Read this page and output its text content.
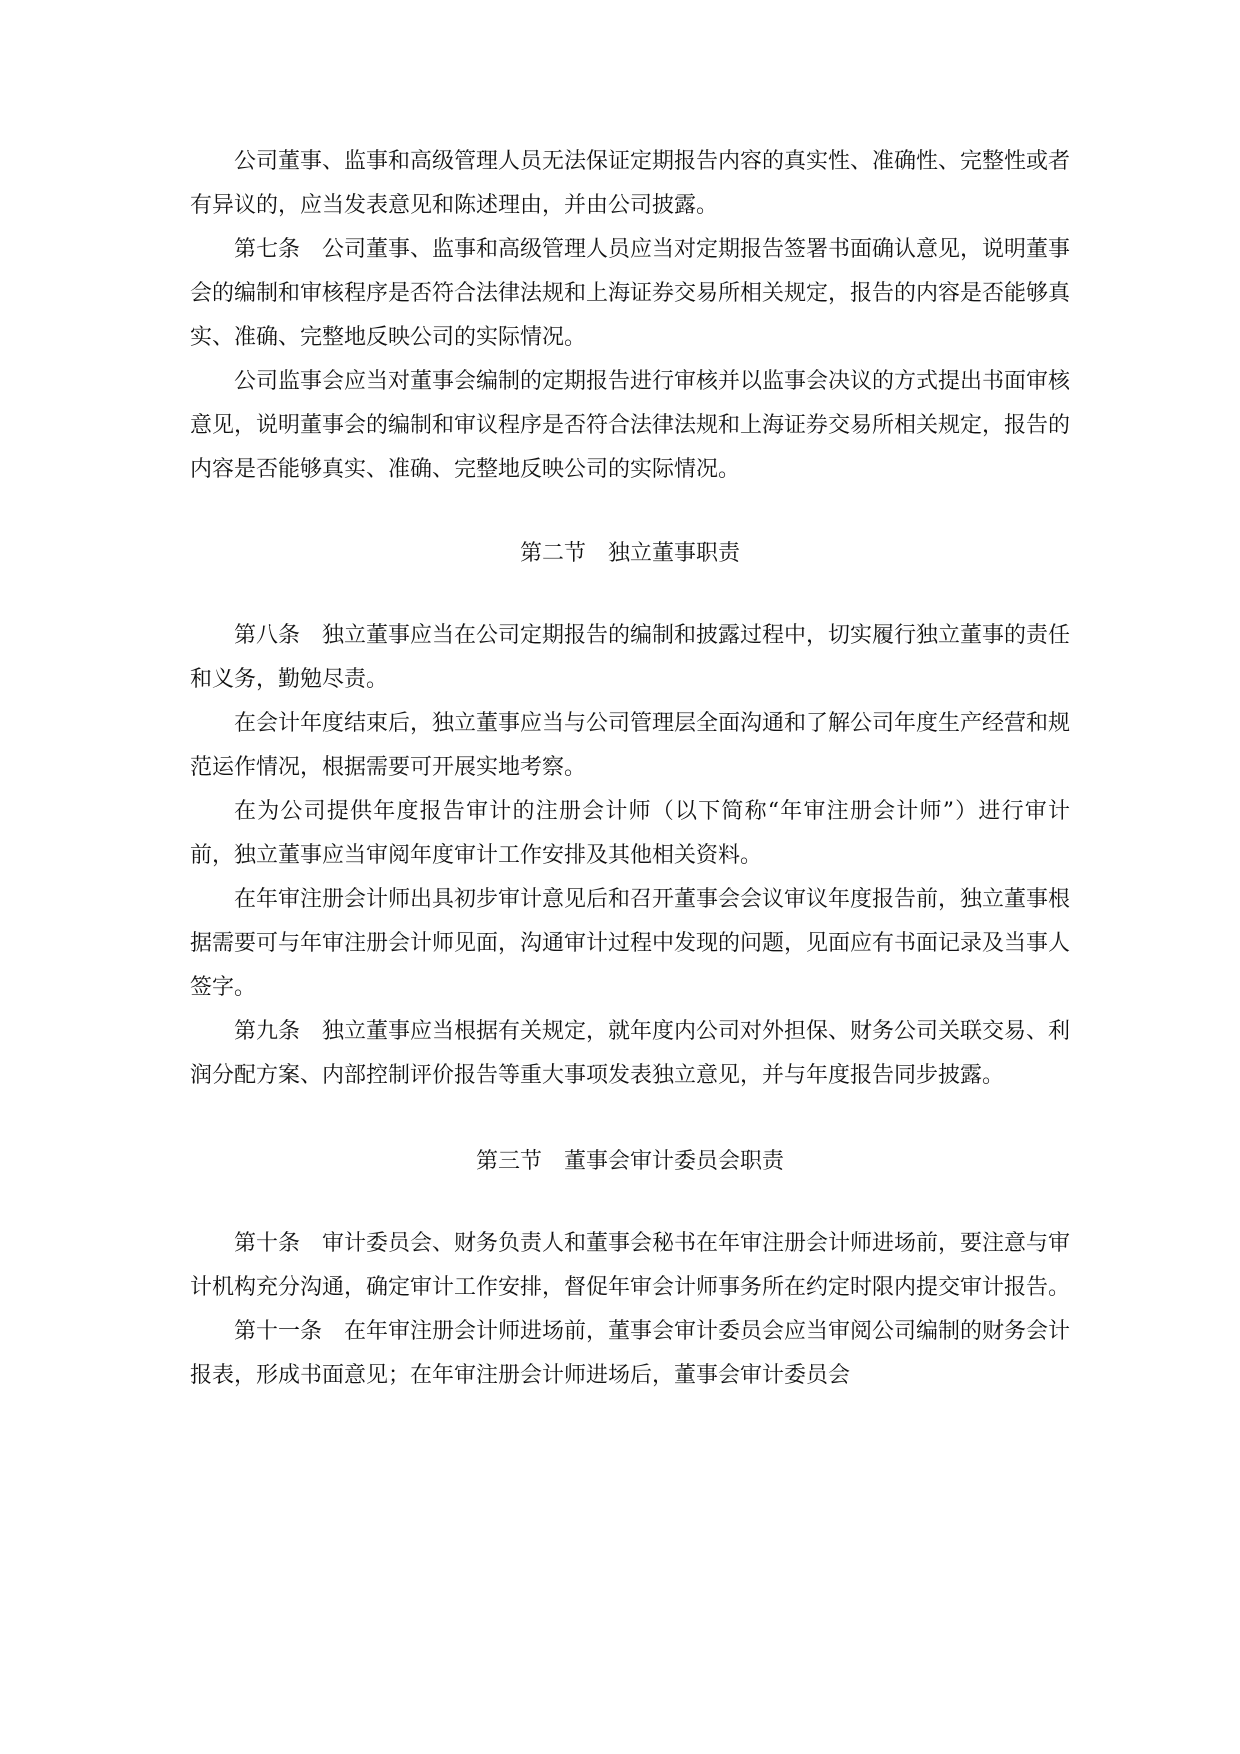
公司董事、监事和高级管理人员无法保证定期报告内容的真实性、准确性、完整性或者有异议的，应当发表意见和陈述理由，并由公司披露。

第七条　公司董事、监事和高级管理人员应当对定期报告签署书面确认意见，说明董事会的编制和审核程序是否符合法律法规和上海证券交易所相关规定，报告的内容是否能够真实、准确、完整地反映公司的实际情况。

公司监事会应当对董事会编制的定期报告进行审核并以监事会决议的方式提出书面审核意见，说明董事会的编制和审议程序是否符合法律法规和上海证券交易所相关规定，报告的内容是否能够真实、准确、完整地反映公司的实际情况。

第二节　独立董事职责

第八条　独立董事应当在公司定期报告的编制和披露过程中，切实履行独立董事的责任和义务，勤勉尽责。

在会计年度结束后，独立董事应当与公司管理层全面沟通和了解公司年度生产经营和规范运作情况，根据需要可开展实地考察。

在为公司提供年度报告审计的注册会计师（以下简称“年审注册会计师”）进行审计前，独立董事应当审阅年度审计工作安排及其他相关资料。

在年审注册会计师出具初步审计意见后和召开董事会会议审议年度报告前，独立董事根据需要可与年审注册会计师见面，沟通审计过程中发现的问题，见面应有书面记录及当事人签字。

第九条　独立董事应当根据有关规定，就年度内公司对外担保、财务公司关联交易、利润分配方案、内部控制评价报告等重大事项发表独立意见，并与年度报告同步披露。

第三节　董事会审计委员会职责

第十条　审计委员会、财务负责人和董事会秘书在年审注册会计师进场前，要注意与审计机构充分沟通，确定审计工作安排，督促年审会计师事务所在约定时限内提交审计报告。

第十一条　在年审注册会计师进场前，董事会审计委员会应当审阅公司编制的财务会计报表，形成书面意见；在年审注册会计师进场后，董事会审计委员会
